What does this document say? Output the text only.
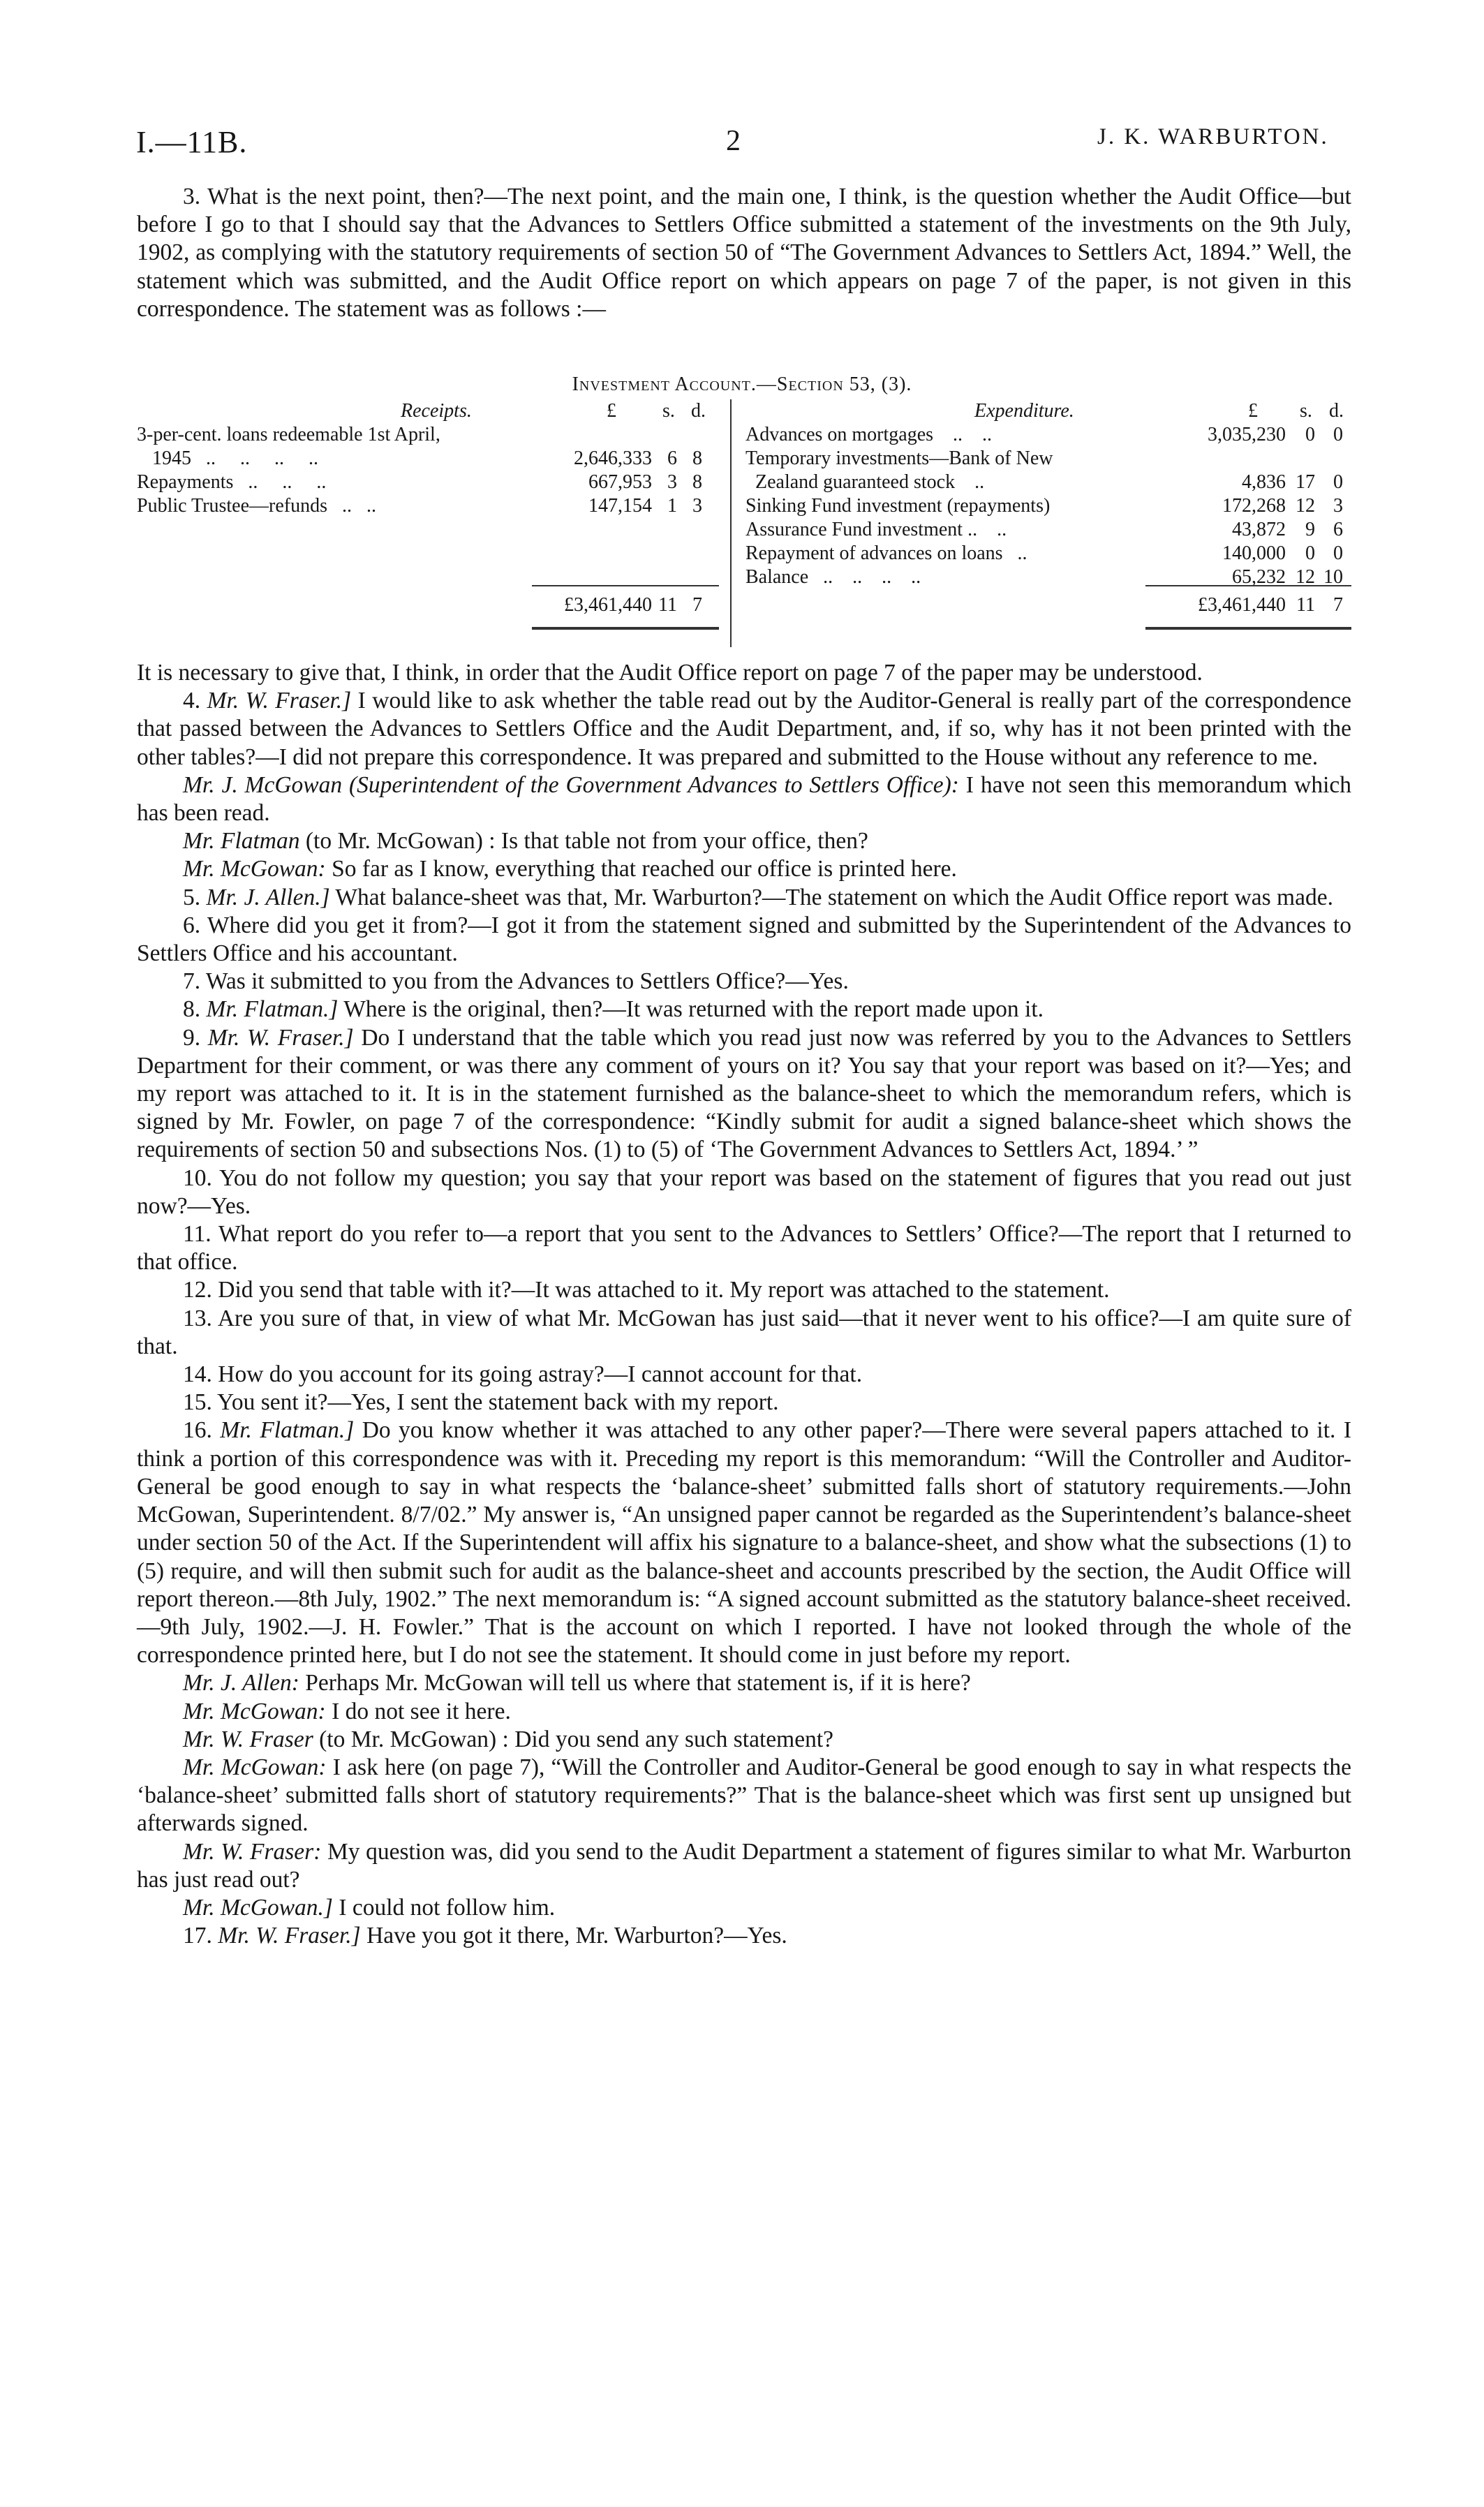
I.—11B.	2	J. K. WARBURTON.

3. What is the next point, then?—The next point, and the main one, I think, is the question whether the Audit Office—but before I go to that I should say that the Advances to Settlers Office submitted a statement of the investments on the 9th July, 1902, as complying with the statutory requirements of section 50 of “The Government Advances to Settlers Act, 1894.” Well, the statement which was submitted, and the Audit Office report on which appears on page 7 of the paper, is not given in this correspondence. The statement was as follows :—

Investment Account.—Section 53, (3).
Receipts.	£ s. d.
3-per-cent. loans redeemable 1st April,
1945   ..     ..     ..     ..	2,646,333 6 8
Repayments   ..     ..     ..	667,953 3 8
Public Trustee—refunds   ..   ..	147,154 1 3
£3,461,440 11 7
Expenditure.	£ s. d.
Advances on mortgages    ..    ..	3,035,230 0 0
Temporary investments—Bank of New
Zealand guaranteed stock    ..	4,836 17 0
Sinking Fund investment (repayments)	172,268 12 3
Assurance Fund investment ..    ..	43,872 9 6
Repayment of advances on loans   ..	140,000 0 0
Balance   ..    ..    ..    ..	65,232 12 10
£3,461,440 11 7

It is necessary to give that, I think, in order that the Audit Office report on page 7 of the paper may be understood.

4. Mr. W. Fraser.] I would like to ask whether the table read out by the Auditor-General is really part of the correspondence that passed between the Advances to Settlers Office and the Audit Department, and, if so, why has it not been printed with the other tables?—I did not prepare this correspondence. It was prepared and submitted to the House without any reference to me.

Mr. J. McGowan (Superintendent of the Government Advances to Settlers Office): I have not seen this memorandum which has been read.

Mr. Flatman (to Mr. McGowan) : Is that table not from your office, then?

Mr. McGowan: So far as I know, everything that reached our office is printed here.

5. Mr. J. Allen.] What balance-sheet was that, Mr. Warburton?—The statement on which the Audit Office report was made.

6. Where did you get it from?—I got it from the statement signed and submitted by the Superintendent of the Advances to Settlers Office and his accountant.

7. Was it submitted to you from the Advances to Settlers Office?—Yes.

8. Mr. Flatman.] Where is the original, then?—It was returned with the report made upon it.

9. Mr. W. Fraser.] Do I understand that the table which you read just now was referred by you to the Advances to Settlers Department for their comment, or was there any comment of yours on it? You say that your report was based on it?—Yes; and my report was attached to it. It is in the statement furnished as the balance-sheet to which the memorandum refers, which is signed by Mr. Fowler, on page 7 of the correspondence: “Kindly submit for audit a signed balance-sheet which shows the requirements of section 50 and subsections Nos. (1) to (5) of ‘The Government Advances to Settlers Act, 1894.’ ”

10. You do not follow my question; you say that your report was based on the statement of figures that you read out just now?—Yes.

11. What report do you refer to—a report that you sent to the Advances to Settlers’ Office?—The report that I returned to that office.

12. Did you send that table with it?—It was attached to it. My report was attached to the statement.

13. Are you sure of that, in view of what Mr. McGowan has just said—that it never went to his office?—I am quite sure of that.

14. How do you account for its going astray?—I cannot account for that.

15. You sent it?—Yes, I sent the statement back with my report.

16. Mr. Flatman.] Do you know whether it was attached to any other paper?—There were several papers attached to it. I think a portion of this correspondence was with it. Preceding my report is this memorandum: “Will the Controller and Auditor-General be good enough to say in what respects the ‘balance-sheet’ submitted falls short of statutory requirements.—John McGowan, Superintendent. 8/7/02.” My answer is, “An unsigned paper cannot be regarded as the Superintendent’s balance-sheet under section 50 of the Act. If the Superintendent will affix his signature to a balance-sheet, and show what the subsections (1) to (5) require, and will then submit such for audit as the balance-sheet and accounts prescribed by the section, the Audit Office will report thereon.—8th July, 1902.” The next memorandum is: “A signed account submitted as the statutory balance-sheet received.—9th July, 1902.—J. H. Fowler.” That is the account on which I reported. I have not looked through the whole of the correspondence printed here, but I do not see the statement. It should come in just before my report.

Mr. J. Allen: Perhaps Mr. McGowan will tell us where that statement is, if it is here?

Mr. McGowan: I do not see it here.

Mr. W. Fraser (to Mr. McGowan) : Did you send any such statement?

Mr. McGowan: I ask here (on page 7), “Will the Controller and Auditor-General be good enough to say in what respects the ‘balance-sheet’ submitted falls short of statutory requirements?” That is the balance-sheet which was first sent up unsigned but afterwards signed.

Mr. W. Fraser: My question was, did you send to the Audit Department a statement of figures similar to what Mr. Warburton has just read out?

Mr. McGowan.] I could not follow him.

17. Mr. W. Fraser.] Have you got it there, Mr. Warburton?—Yes.
